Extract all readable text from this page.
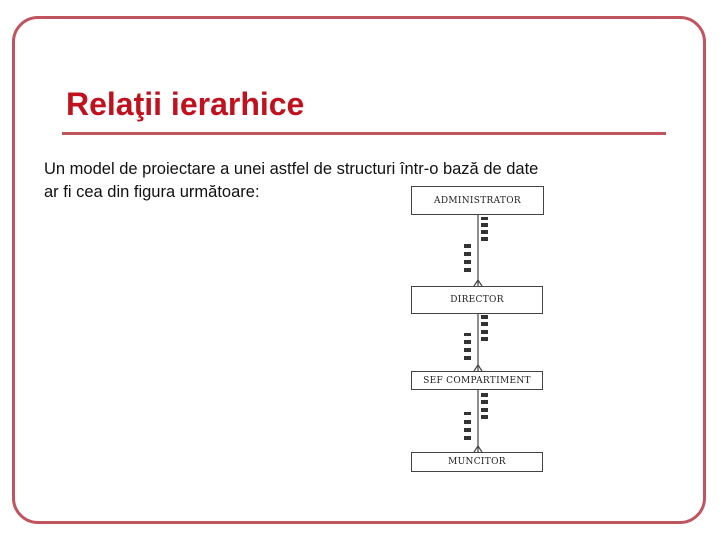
Relaţii ierarhice
Un model de proiectare a unei astfel de structuri într-o bază de date
ar fi cea din figura următoare:	ADMINISTRATOR
DIRECTOR
SEF COMPARTIMENT
MUNCITOR
